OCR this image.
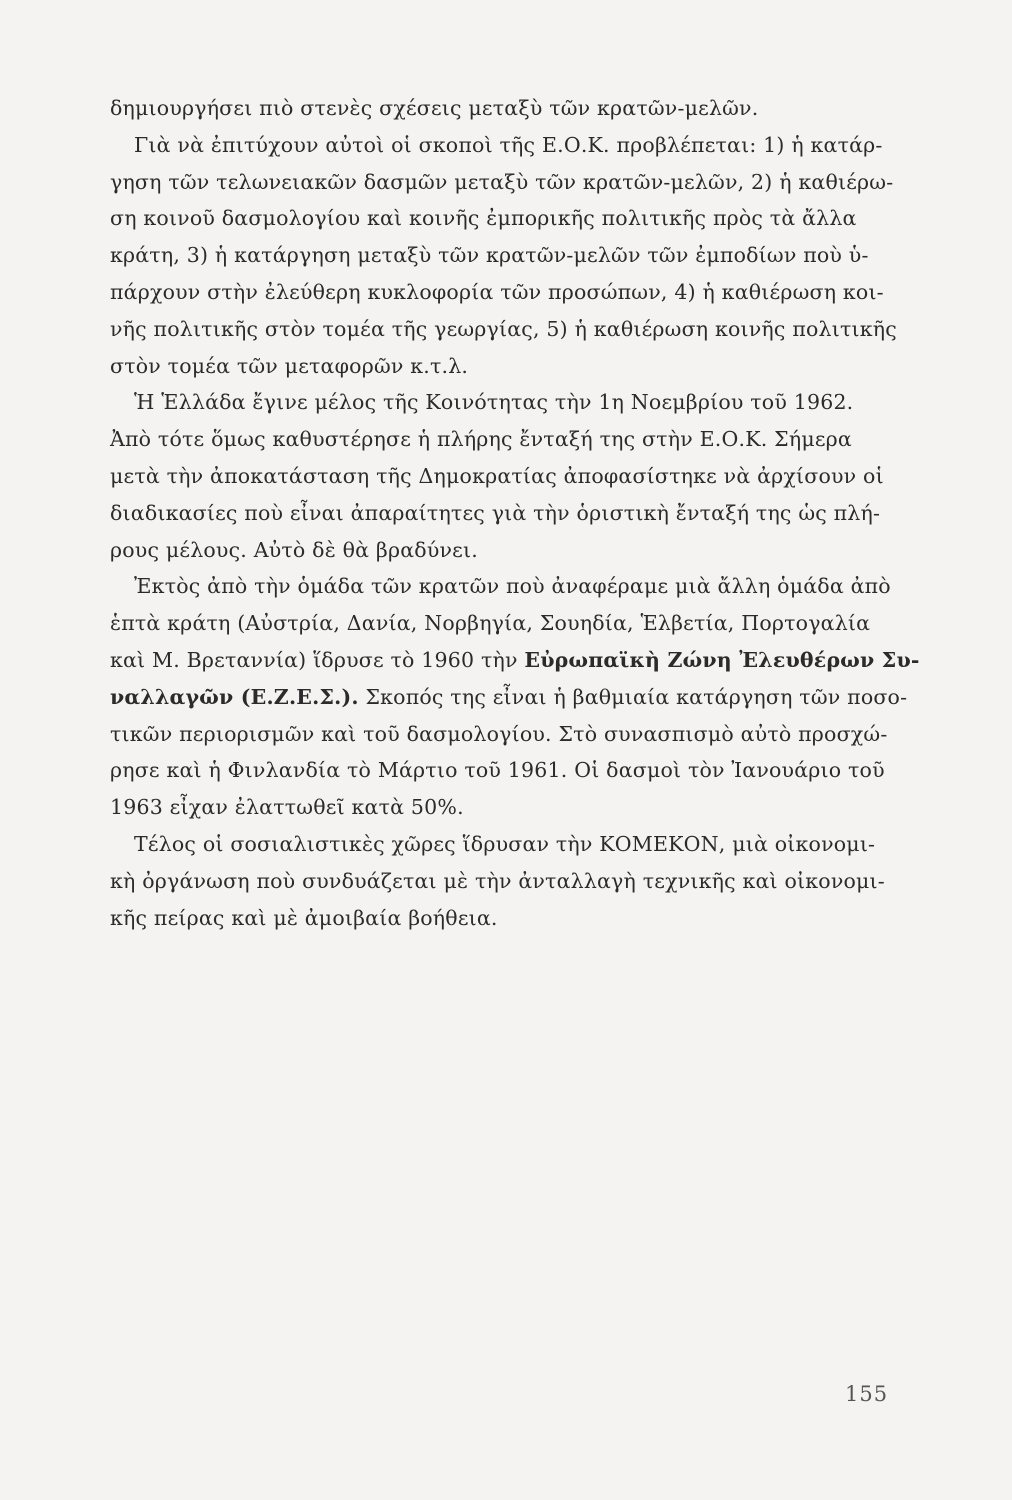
δημιουργήσει πιὸ στενὲς σχέσεις μεταξὺ τῶν κρατῶν-μελῶν.
Γιὰ νὰ ἐπιτύχουν αὐτοὶ οἱ σκοποὶ τῆς Ε.Ο.Κ. προβλέπεται: 1) ἡ κατάρ-
γηση τῶν τελωνειακῶν δασμῶν μεταξὺ τῶν κρατῶν-μελῶν, 2) ἡ καθιέρω-
ση κοινοῦ δασμολογίου καὶ κοινῆς ἐμπορικῆς πολιτικῆς πρὸς τὰ ἄλλα
κράτη, 3) ἡ κατάργηση μεταξὺ τῶν κρατῶν-μελῶν τῶν ἐμποδίων ποὺ ὑ-
πάρχουν στὴν ἐλεύθερη κυκλοφορία τῶν προσώπων, 4) ἡ καθιέρωση κοι-
νῆς πολιτικῆς στὸν τομέα τῆς γεωργίας, 5) ἡ καθιέρωση κοινῆς πολιτικῆς
στὸν τομέα τῶν μεταφορῶν κ.τ.λ.
Ἡ Ἑλλάδα ἔγινε μέλος τῆς Κοινότητας τὴν 1η Νοεμβρίου τοῦ 1962.
Ἀπὸ τότε ὅμως καθυστέρησε ἡ πλήρης ἔνταξή της στὴν Ε.Ο.Κ. Σήμερα
μετὰ τὴν ἀποκατάσταση τῆς Δημοκρατίας ἀποφασίστηκε νὰ ἀρχίσουν οἱ
διαδικασίες ποὺ εἶναι ἀπαραίτητες γιὰ τὴν ὁριστικὴ ἔνταξή της ὡς πλή-
ρους μέλους. Αὐτὸ δὲ θὰ βραδύνει.
Ἐκτὸς ἀπὸ τὴν ὁμάδα τῶν κρατῶν ποὺ ἀναφέραμε μιὰ ἄλλη ὁμάδα ἀπὸ
ἑπτὰ κράτη (Αὐστρία, Δανία, Νορβηγία, Σουηδία, Ἑλβετία, Πορτογαλία
καὶ Μ. Βρεταννία) ἵδρυσε τὸ 1960 τὴν Εὐρωπαϊκὴ Ζώνη Ἐλευθέρων Συ-
ναλλαγῶν (Ε.Ζ.Ε.Σ.). Σκοπός της εἶναι ἡ βαθμιαία κατάργηση τῶν ποσο-
τικῶν περιορισμῶν καὶ τοῦ δασμολογίου. Στὸ συνασπισμὸ αὐτὸ προσχώ-
ρησε καὶ ἡ Φινλανδία τὸ Μάρτιο τοῦ 1961. Οἱ δασμοὶ τὸν Ἰανουάριο τοῦ
1963 εἶχαν ἐλαττωθεῖ κατὰ 50%.
Τέλος οἱ σοσιαλιστικὲς χῶρες ἵδρυσαν τὴν ΚΟΜΕΚΟΝ, μιὰ οἰκονομι-
κὴ ὀργάνωση ποὺ συνδυάζεται μὲ τὴν ἀνταλλαγὴ τεχνικῆς καὶ οἰκονομι-
κῆς πείρας καὶ μὲ ἀμοιβαία βοήθεια.
155
